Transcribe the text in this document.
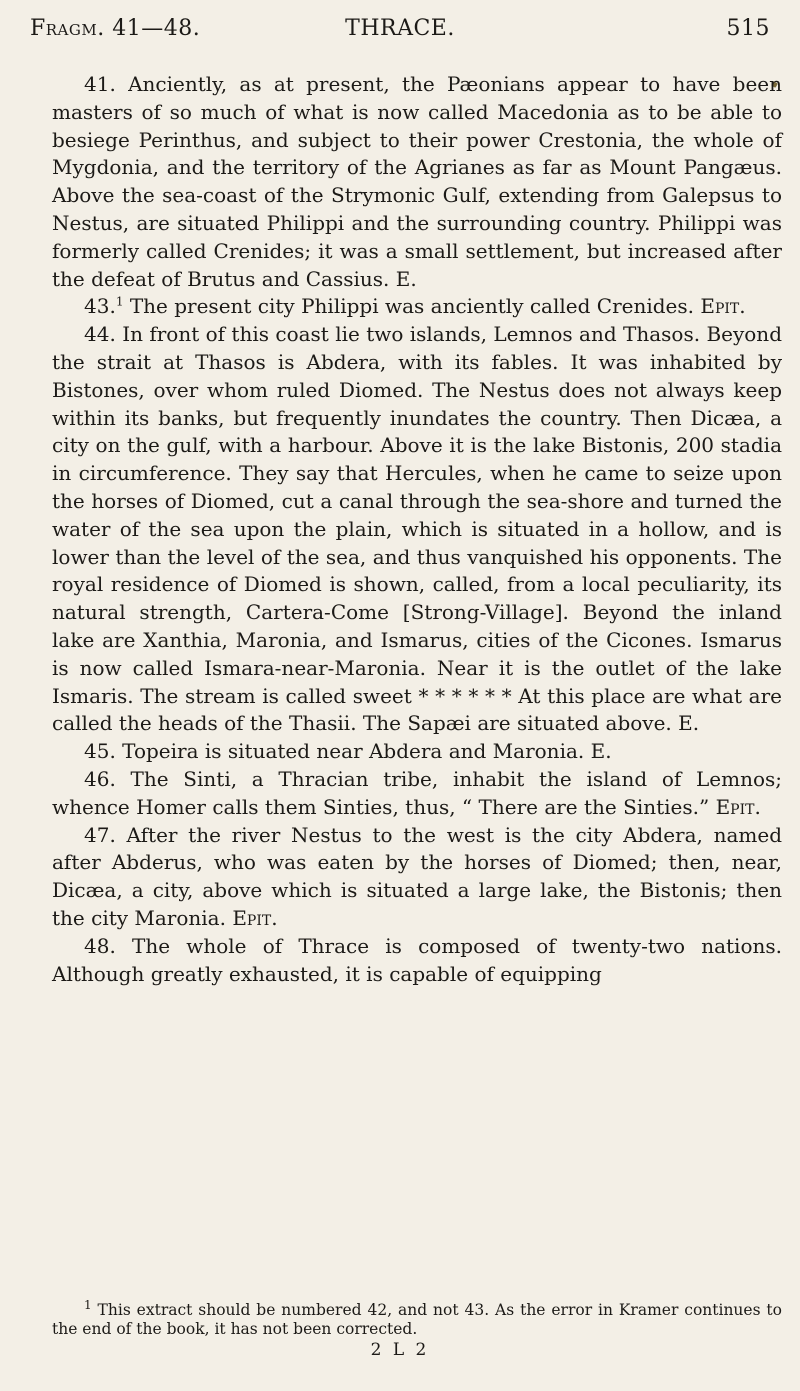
Fragm. 41—48.	THRACE.	515

41. Anciently, as at present, the Pæonians appear to have been masters of so much of what is now called Macedonia as to be able to besiege Perinthus, and subject to their power Crestonia, the whole of Mygdonia, and the territory of the Agrianes as far as Mount Pangæus. Above the sea-coast of the Strymonic Gulf, extending from Galepsus to Nestus, are situated Philippi and the surrounding country. Philippi was formerly called Crenides; it was a small settlement, but increased after the defeat of Brutus and Cassius. E.

43.$^1$ The present city Philippi was anciently called Crenides. Epit.

44. In front of this coast lie two islands, Lemnos and Thasos. Beyond the strait at Thasos is Abdera, with its fables. It was inhabited by Bistones, over whom ruled Diomed. The Nestus does not always keep within its banks, but frequently inundates the country. Then Dicæa, a city on the gulf, with a harbour. Above it is the lake Bistonis, 200 stadia in circumference. They say that Hercules, when he came to seize upon the horses of Diomed, cut a canal through the sea-shore and turned the water of the sea upon the plain, which is situated in a hollow, and is lower than the level of the sea, and thus vanquished his opponents. The royal residence of Diomed is shown, called, from a local peculiarity, its natural strength, Cartera-Come [Strong-Village]. Beyond the inland lake are Xanthia, Maronia, and Ismarus, cities of the Cicones. Ismarus is now called Ismara-near-Maronia. Near it is the outlet of the lake Ismaris. The stream is called sweet * * * * * * At this place are what are called the heads of the Thasii. The Sapæi are situated above. E.

45. Topeira is situated near Abdera and Maronia. E.

46. The Sinti, a Thracian tribe, inhabit the island of Lemnos; whence Homer calls them Sinties, thus, “ There are the Sinties.” Epit.

47. After the river Nestus to the west is the city Abdera, named after Abderus, who was eaten by the horses of Diomed; then, near, Dicæa, a city, above which is situated a large lake, the Bistonis; then the city Maronia. Epit.

48. The whole of Thrace is composed of twenty-two nations. Although greatly exhausted, it is capable of equipping

$^1$ This extract should be numbered 42, and not 43. As the error in Kramer continues to the end of the book, it has not been corrected.
2 L 2
